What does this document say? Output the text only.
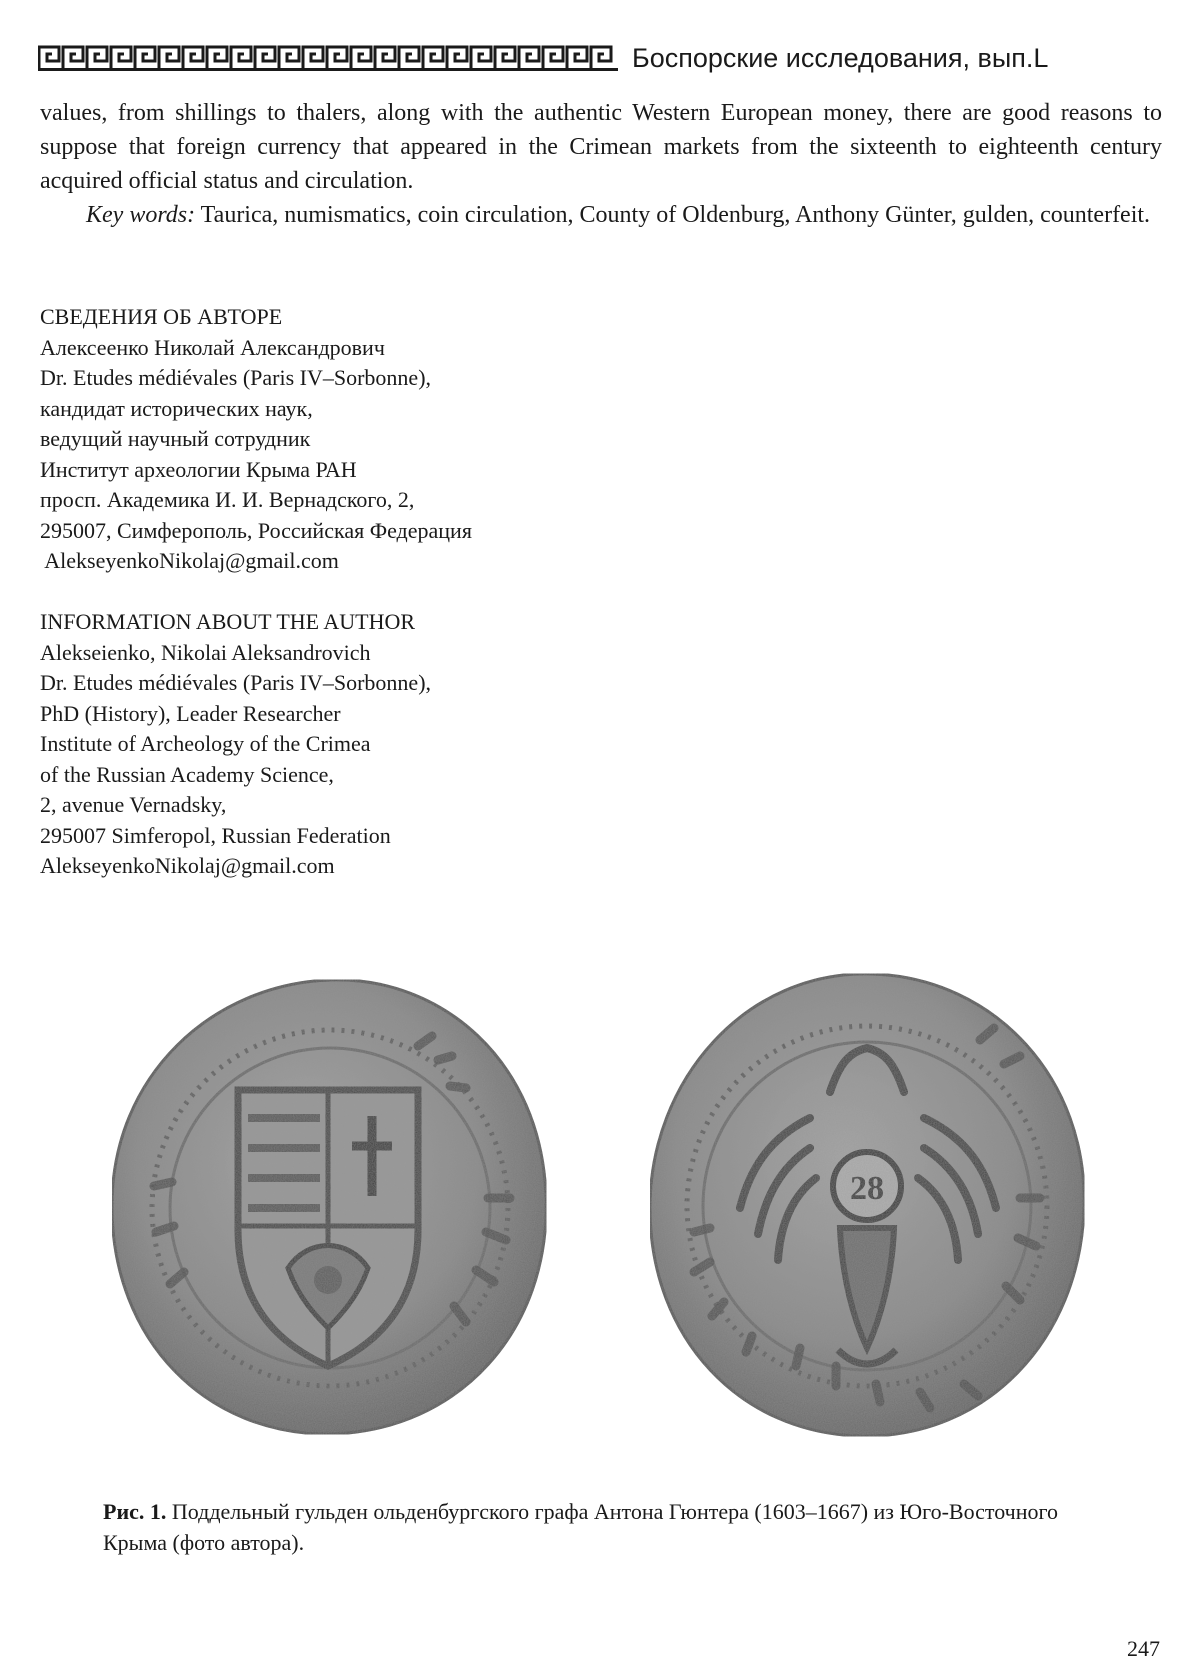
Боспорские исследования, вып.L

values, from shillings to thalers, along with the authentic Western European money, there are good reasons to suppose that foreign currency that appeared in the Crimean markets from the sixteenth to eighteenth century acquired official status and circulation.

Key words: Taurica, numismatics, coin circulation, County of Oldenburg, Anthony Günter, gulden, counterfeit.

СВЕДЕНИЯ ОБ АВТОРЕ
Алексеенко Николай Александрович
Dr. Etudes médiévales (Paris IV–Sorbonne),
кандидат исторических наук,
ведущий научный сотрудник
Институт археологии Крыма РАН
просп. Академика И. И. Вернадского, 2,
295007, Симферополь, Российская Федерация
AlekseyenkoNikolaj@gmail.com
INFORMATION ABOUT THE AUTHOR
Alekseienko, Nikolai Aleksandrovich
Dr. Etudes médiévales (Paris IV–Sorbonne),
PhD (History), Leader Researcher
Institute of Archeology of the Crimea
of the Russian Academy Science,
2, avenue Vernadsky,
295007 Simferopol, Russian Federation
AlekseyenkoNikolaj@gmail.com
28
Рис. 1. Поддельный гульден ольденбургского графа Антона Гюнтера (1603–1667) из Юго-Восточного Крыма (фото автора).
247
